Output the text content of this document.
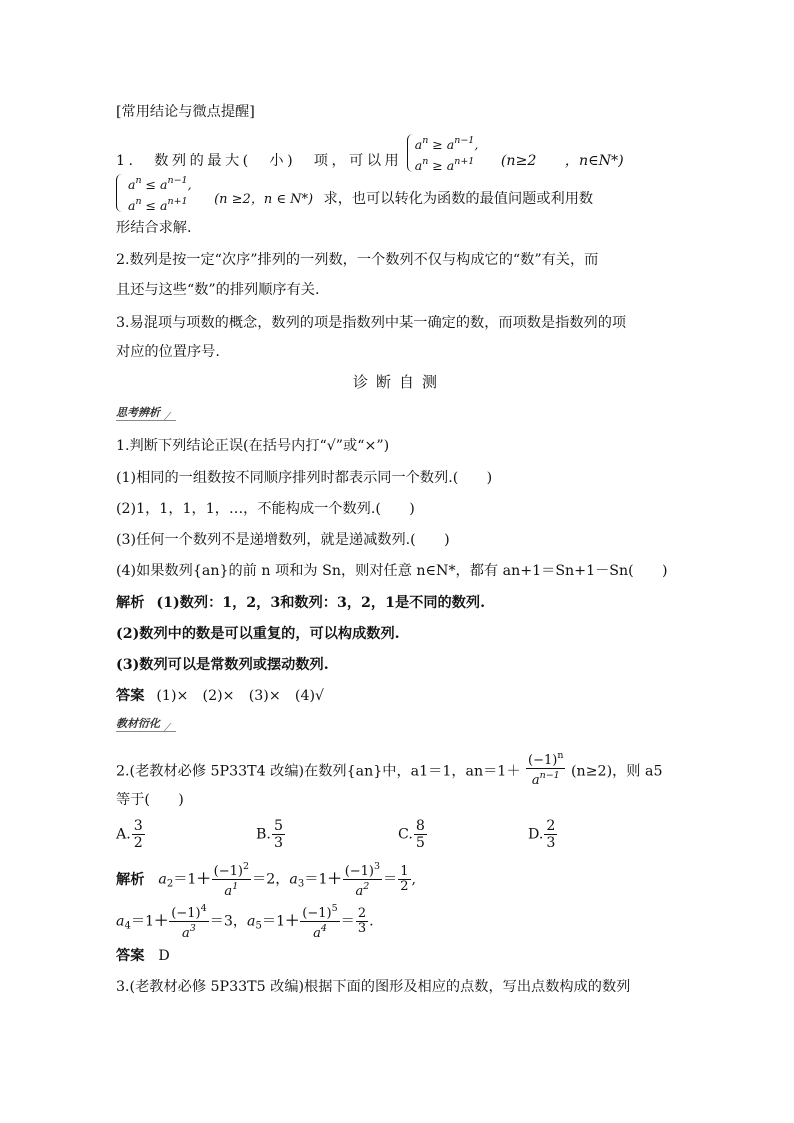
[常用结论与微点提醒]
1.　数列的最大(　小)　项，可以用
$a^n \ge a^{n-1}$,
$a^n \ge a^{n+1}$ (n≥2　　，n∈N*)
$a^n \le a^{n-1}$,
$a^n \le a^{n+1}$	(n ≥2，n ∈ N*) 求，也可以转化为函数的最值问题或利用数
形结合求解.
2.数列是按一定“次序”排列的一列数，一个数列不仅与构成它的“数”有关，而
且还与这些“数”的排列顺序有关.
3.易混项与项数的概念，数列的项是指数列中某一确定的数，而项数是指数列的项
对应的位置序号.
诊断自测
思考辨析
1.判断下列结论正误(在括号内打“√”或“×”)
(1)相同的一组数按不同顺序排列时都表示同一个数列.(　　)
(2)1，1，1，1，…，不能构成一个数列.(　　)
(3)任何一个数列不是递增数列，就是递减数列.(　　)
(4)如果数列{an}的前 n 项和为 Sn，则对任意 n∈N*，都有 an+1＝Sn+1－Sn(　　)
解析 (1)数列：1，2，3和数列：3，2，1是不同的数列.
(2)数列中的数是可以重复的，可以构成数列.
(3)数列可以是常数列或摆动数列.
答案 (1)×　(2)×　(3)×　(4)√
教材衍化
2.(老教材必修 5P33T4 改编)在数列{an}中，a1＝1，$an=1+ \frac{(-1)^n}{a^{n-1}} (n\ge 2)$，则 a5
等于(　　)
A. $\frac{3}{2}$	B. $\frac{5}{3}$	C. $\frac{8}{5}$	D. $\frac{2}{3}$
解析 $a_2=1+ \frac{(-1)^2}{a^1} =2$，$a_3=1+ \frac{(-1)^3}{a^2} = \frac{1}{2}$ ,
$a_4=1+ \frac{(-1)^4}{a^3} =3$，$a_5=1+ \frac{(-1)^5}{a^4} = \frac{2}{3}$ .
答案 D
3.(老教材必修 5P33T5 改编)根据下面的图形及相应的点数，写出点数构成的数列
